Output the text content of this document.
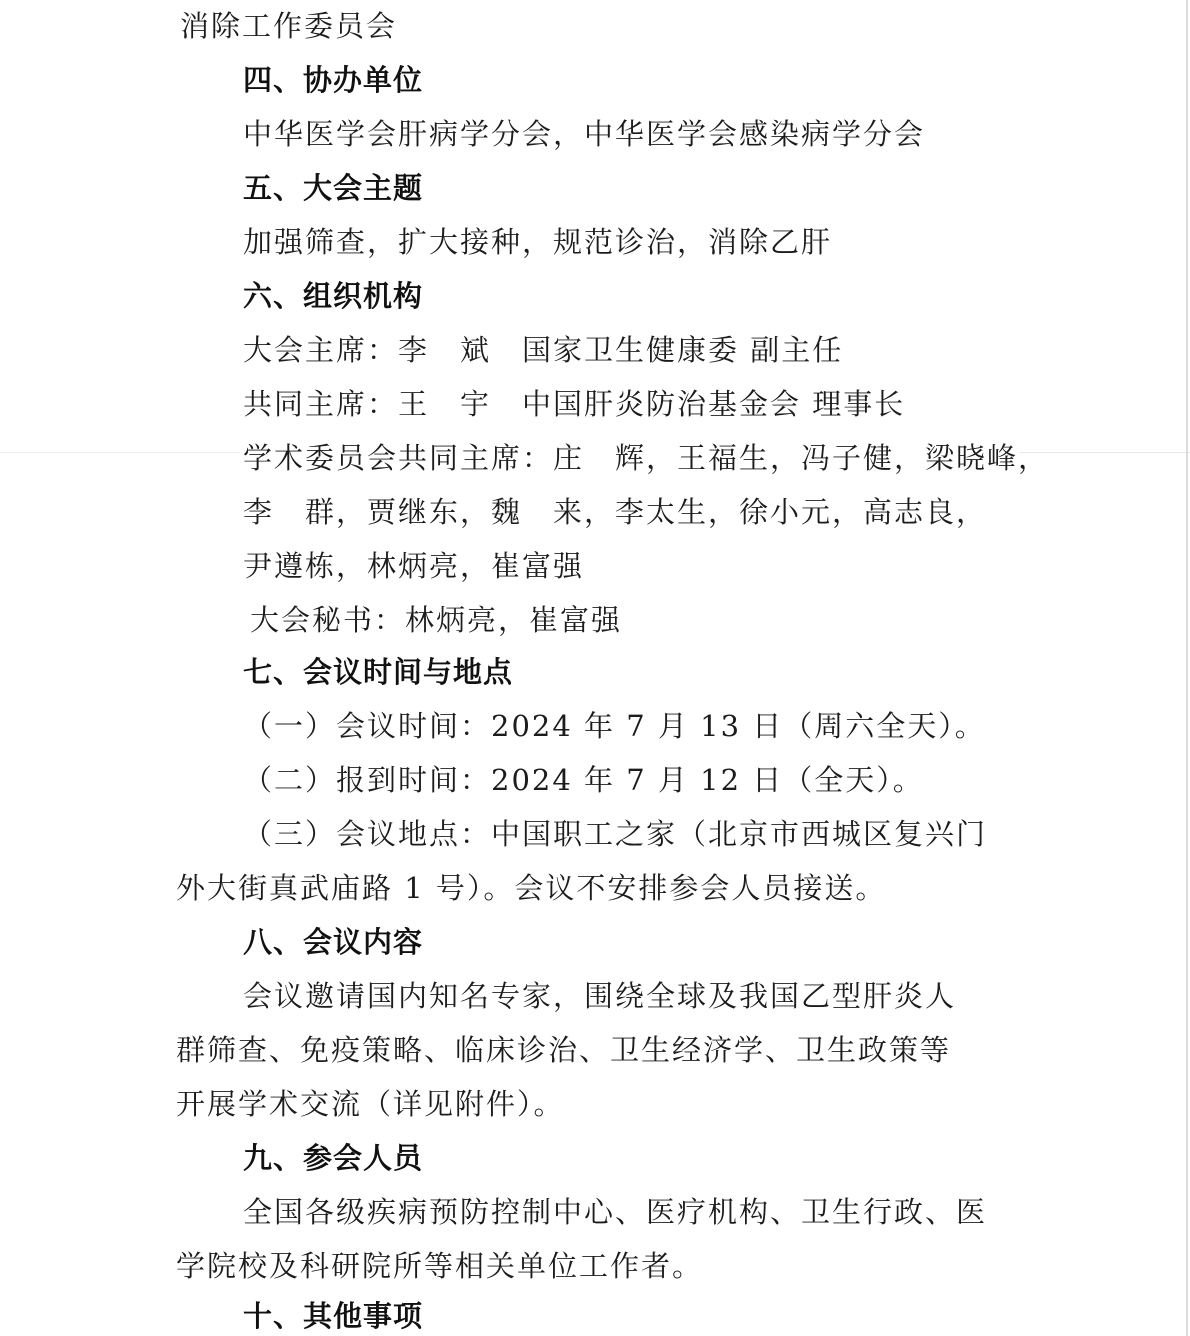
消除工作委员会
四、协办单位
中华医学会肝病学分会，中华医学会感染病学分会
五、大会主题
加强筛查，扩大接种，规范诊治，消除乙肝
六、组织机构
大会主席：李　斌　国家卫生健康委 副主任
共同主席：王　宇　中国肝炎防治基金会 理事长
学术委员会共同主席：庄　辉，王福生，冯子健，梁晓峰，
李　群，贾继东，魏　来，李太生，徐小元，高志良，
尹遵栋，林炳亮，崔富强
大会秘书：林炳亮，崔富强
七、会议时间与地点
（一）会议时间：2024 年 7 月 13 日（周六全天）。
（二）报到时间：2024 年 7 月 12 日（全天）。
（三）会议地点：中国职工之家（北京市西城区复兴门
外大街真武庙路 1 号）。会议不安排参会人员接送。
八、会议内容
会议邀请国内知名专家，围绕全球及我国乙型肝炎人
群筛查、免疫策略、临床诊治、卫生经济学、卫生政策等
开展学术交流（详见附件）。
九、参会人员
全国各级疾病预防控制中心、医疗机构、卫生行政、医
学院校及科研院所等相关单位工作者。
十、其他事项
